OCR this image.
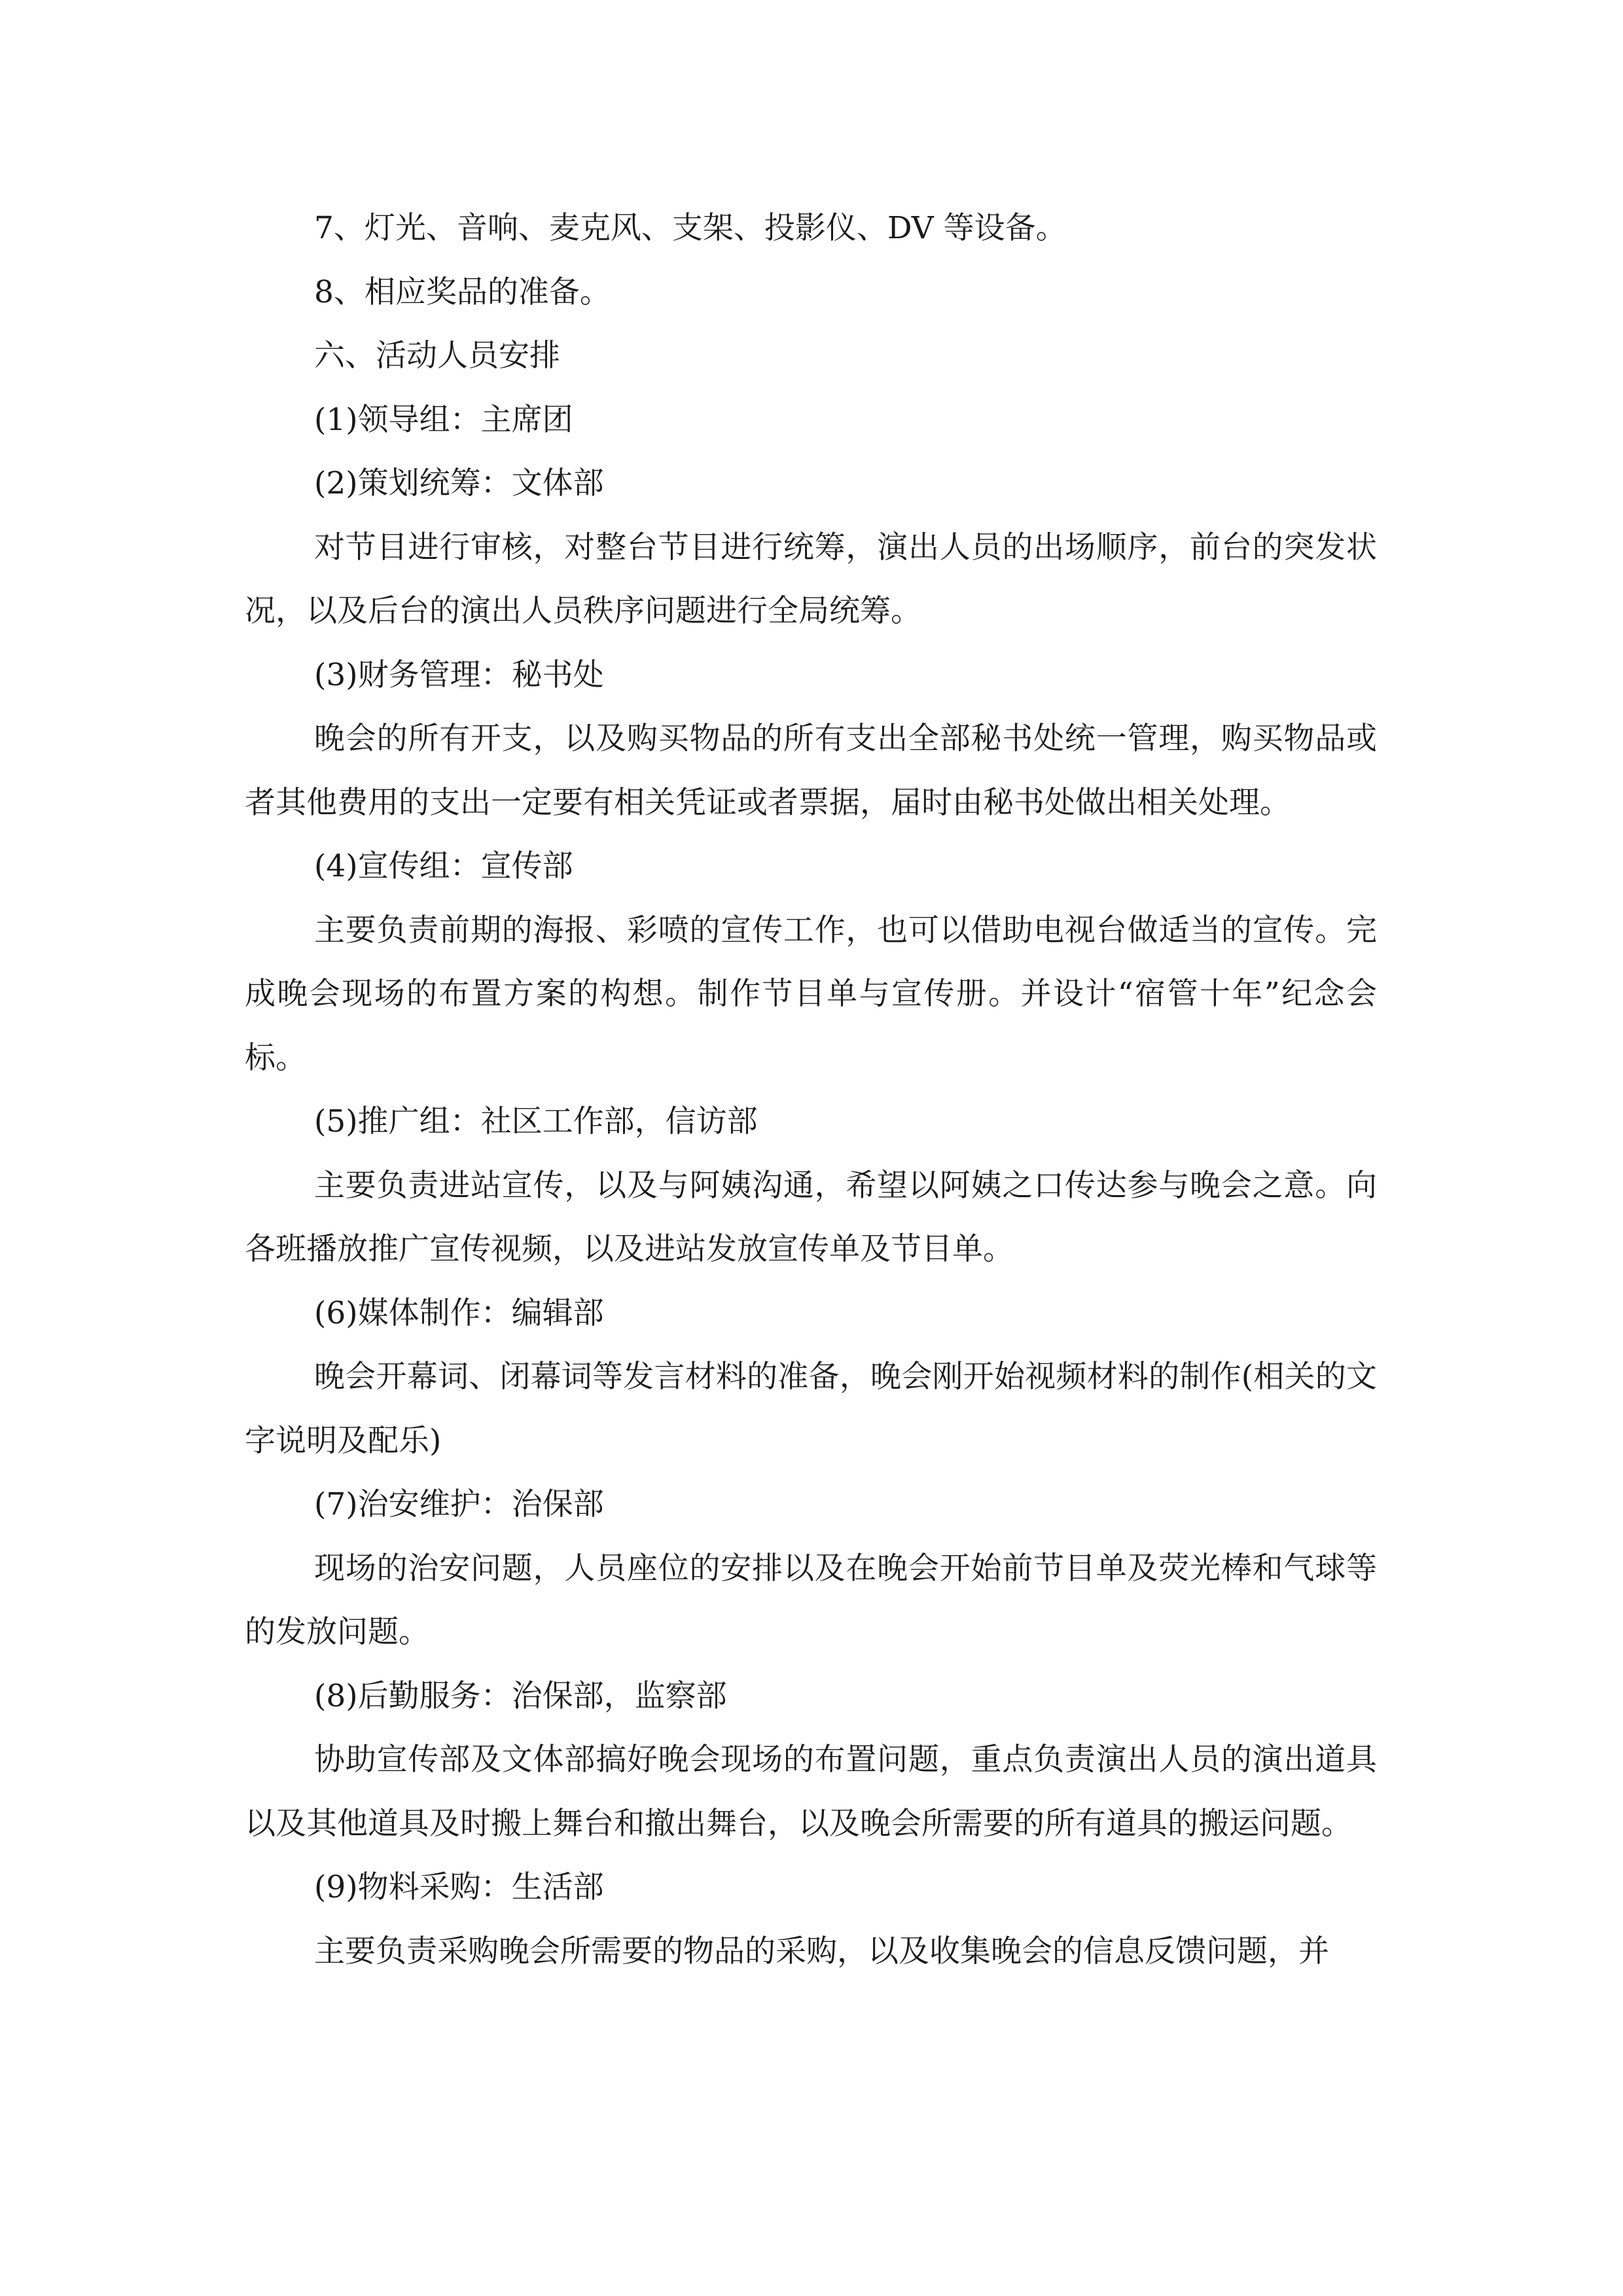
7、灯光、音响、麦克风、支架、投影仪、DV 等设备。

8、相应奖品的准备。

六、活动人员安排

(1)领导组：主席团

(2)策划统筹：文体部

对节目进行审核，对整台节目进行统筹，演出人员的出场顺序，前台的突发状况，以及后台的演出人员秩序问题进行全局统筹。

(3)财务管理：秘书处

晚会的所有开支，以及购买物品的所有支出全部秘书处统一管理，购买物品或者其他费用的支出一定要有相关凭证或者票据，届时由秘书处做出相关处理。

(4)宣传组：宣传部

主要负责前期的海报、彩喷的宣传工作，也可以借助电视台做适当的宣传。完成晚会现场的布置方案的构想。制作节目单与宣传册。并设计“宿管十年”纪念会标。

(5)推广组：社区工作部，信访部

主要负责进站宣传，以及与阿姨沟通，希望以阿姨之口传达参与晚会之意。向各班播放推广宣传视频，以及进站发放宣传单及节目单。

(6)媒体制作：编辑部

晚会开幕词、闭幕词等发言材料的准备，晚会刚开始视频材料的制作(相关的文字说明及配乐)

(7)治安维护：治保部

现场的治安问题，人员座位的安排以及在晚会开始前节目单及荧光棒和气球等的发放问题。

(8)后勤服务：治保部，监察部

协助宣传部及文体部搞好晚会现场的布置问题，重点负责演出人员的演出道具以及其他道具及时搬上舞台和撤出舞台，以及晚会所需要的所有道具的搬运问题。

(9)物料采购：生活部

主要负责采购晚会所需要的物品的采购，以及收集晚会的信息反馈问题，并
